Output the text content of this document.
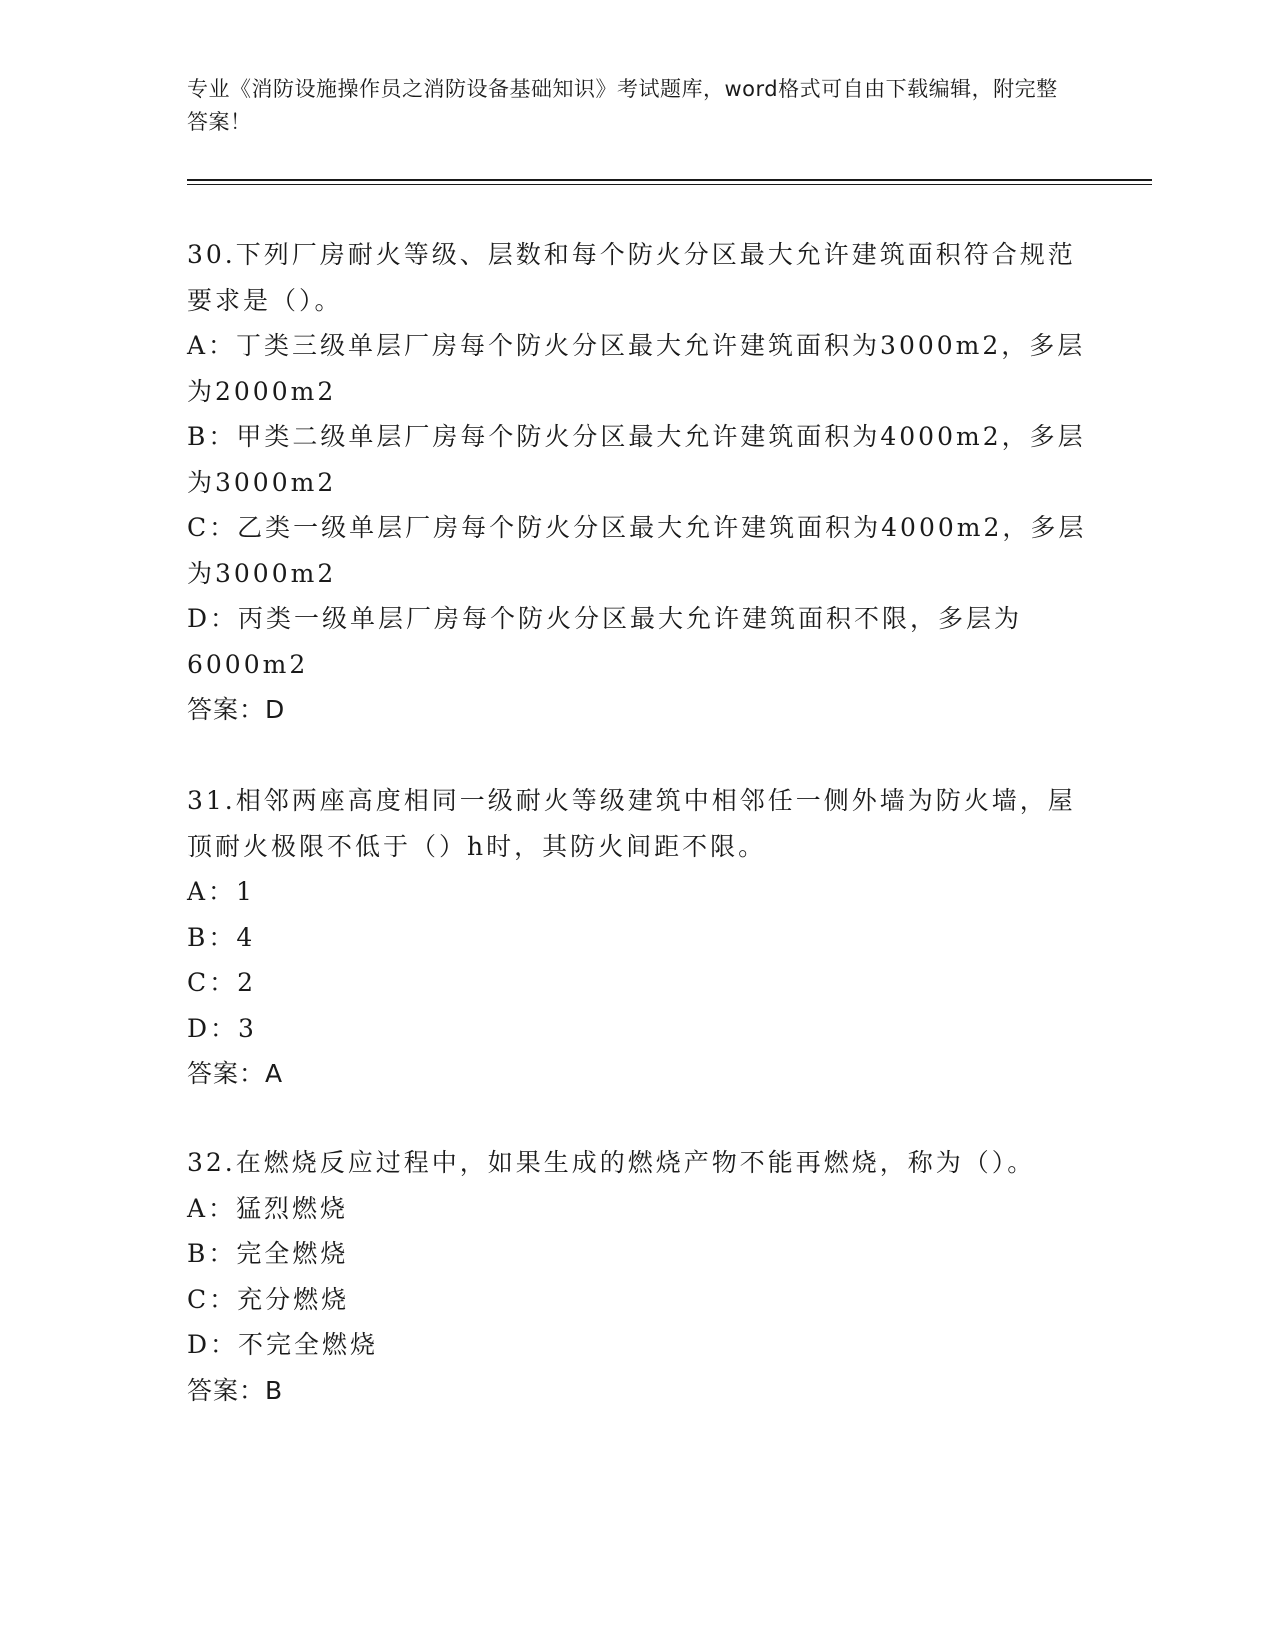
专业《消防设施操作员之消防设备基础知识》考试题库，word格式可自由下载编辑，附完整答案！

30.下列厂房耐火等级、层数和每个防火分区最大允许建筑面积符合规范要求是（）。

A：丁类三级单层厂房每个防火分区最大允许建筑面积为3000m2，多层为2000m2

B：甲类二级单层厂房每个防火分区最大允许建筑面积为4000m2，多层为3000m2

C：乙类一级单层厂房每个防火分区最大允许建筑面积为4000m2，多层为3000m2

D：丙类一级单层厂房每个防火分区最大允许建筑面积不限，多层为6000m2

答案：D

31.相邻两座高度相同一级耐火等级建筑中相邻任一侧外墙为防火墙，屋顶耐火极限不低于（）h时，其防火间距不限。

A：1

B：4

C：2

D：3

答案：A

32.在燃烧反应过程中，如果生成的燃烧产物不能再燃烧，称为（）。

A：猛烈燃烧

B：完全燃烧

C：充分燃烧

D：不完全燃烧

答案：B
